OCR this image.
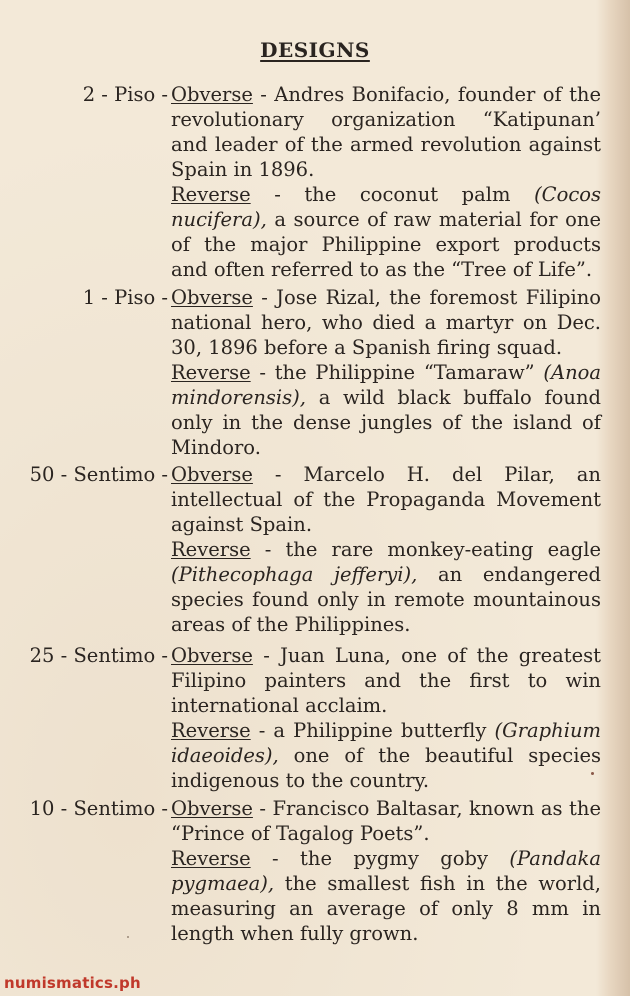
DESIGNS
2 - Piso - Obverse - Andres Bonifacio, founder of the revolutionary organization “Katipunan’ and leader of the armed revolution against Spain in 1896.
Reverse - the coconut palm (Cocos nucifera), a source of raw material for one of the major Philippine export products and often referred to as the “Tree of Life”.
1 - Piso - Obverse - Jose Rizal, the foremost Filipino national hero, who died a martyr on Dec. 30, 1896 before a Spanish firing squad.
Reverse - the Philippine “Tamaraw” (Anoa mindorensis), a wild black buffalo found only in the dense jungles of the island of Mindoro.
50 - Sentimo - Obverse - Marcelo H. del Pilar, an intellectual of the Propaganda Movement against Spain.
Reverse - the rare monkey-eating eagle (Pithecophaga jefferyi), an endangered species found only in remote mountainous areas of the Philippines.
25 - Sentimo - Obverse - Juan Luna, one of the greatest Filipino painters and the first to win international acclaim.
Reverse - a Philippine butterfly (Graphium idaeoides), one of the beautiful species indigenous to the country.
10 - Sentimo - Obverse - Francisco Baltasar, known as the “Prince of Tagalog Poets”.
Reverse - the pygmy goby (Pandaka pygmaea), the smallest fish in the world, measuring an average of only 8 mm in length when fully grown.
numismatics.ph
